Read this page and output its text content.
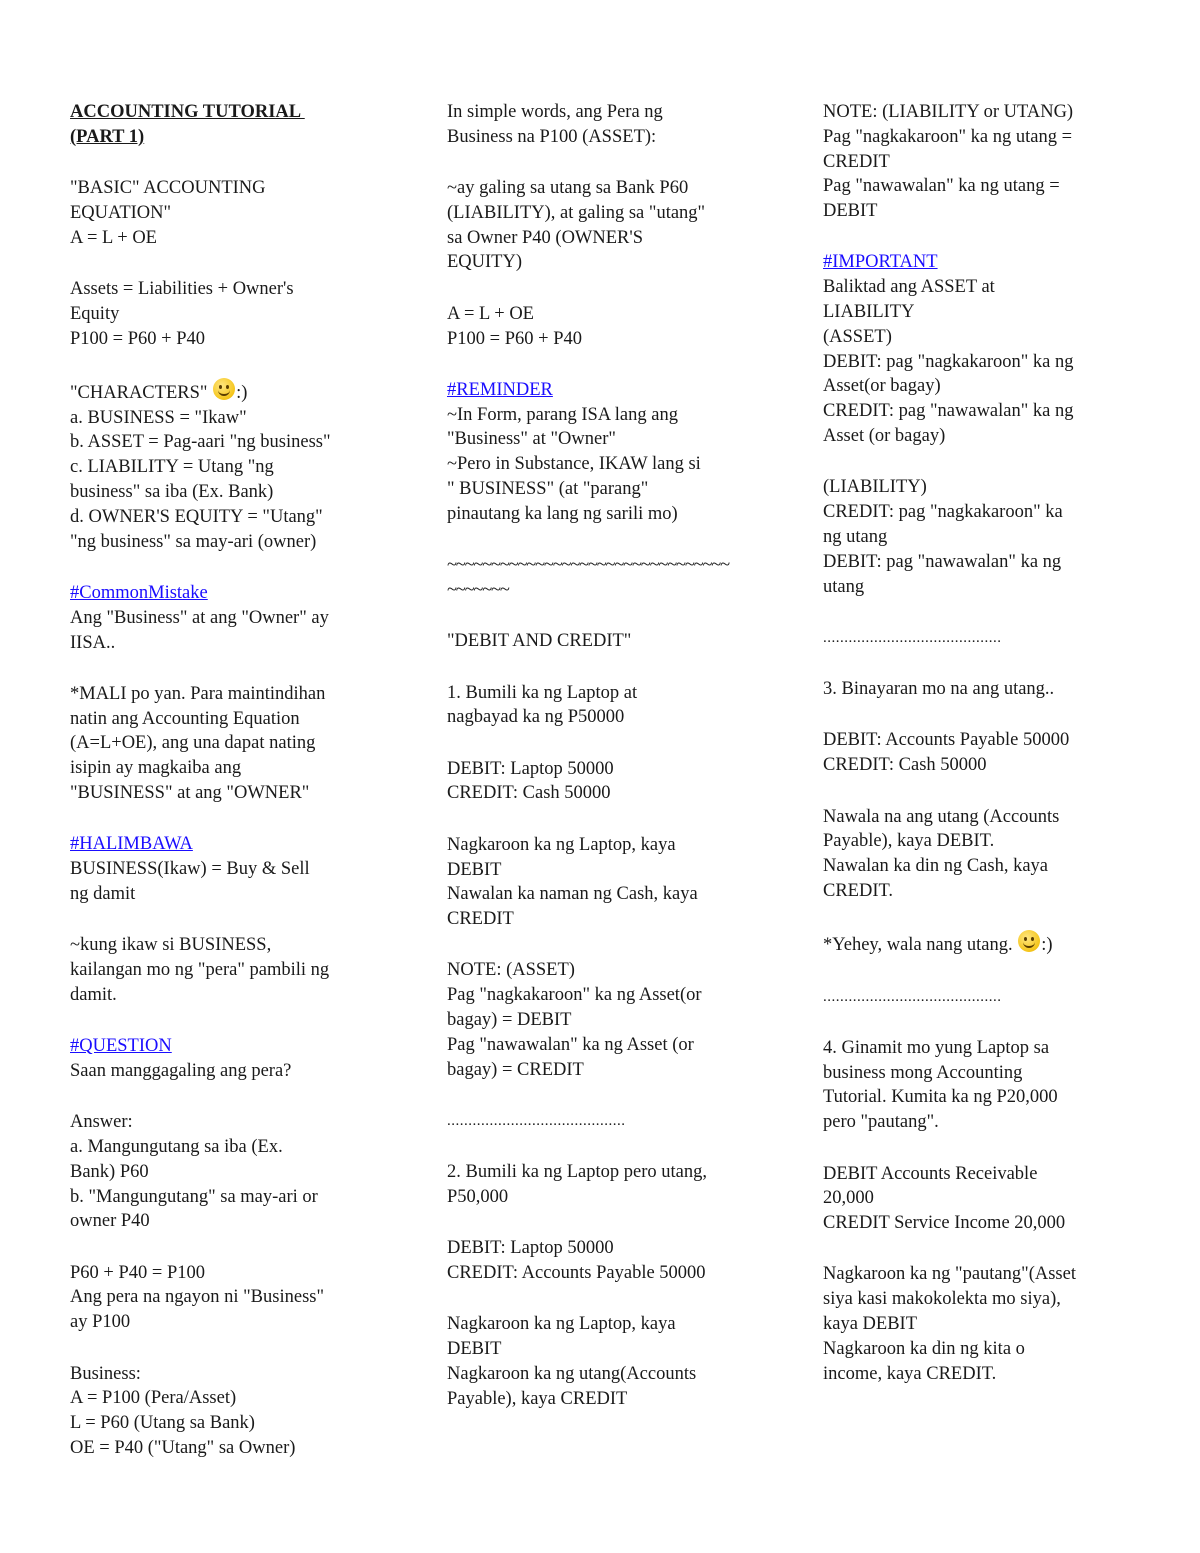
ACCOUNTING TUTORIAL
(PART 1)
"BASIC" ACCOUNTING
EQUATION"
A = L + OE
Assets = Liabilities + Owner's
Equity
P100 = P60 + P40
"CHARACTERS" :)
a. BUSINESS = "Ikaw"
b. ASSET = Pag-aari "ng business"
c. LIABILITY = Utang "ng
business" sa iba (Ex. Bank)
d. OWNER'S EQUITY = "Utang"
"ng business" sa may-ari (owner)
#CommonMistake
Ang "Business" at ang "Owner" ay
IISA..
*MALI po yan. Para maintindihan
natin ang Accounting Equation
(A=L+OE), ang una dapat nating
isipin ay magkaiba ang
"BUSINESS" at ang "OWNER"
#HALIMBAWA
BUSINESS(Ikaw) = Buy & Sell
ng damit
~kung ikaw si BUSINESS,
kailangan mo ng "pera" pambili ng
damit.
#QUESTION
Saan manggagaling ang pera?
Answer:
a. Mangungutang sa iba (Ex.
Bank) P60
b. "Mangungutang" sa may-ari or
owner P40
P60 + P40 = P100
Ang pera na ngayon ni "Business"
ay P100
Business:
A = P100 (Pera/Asset)
L = P60 (Utang sa Bank)
OE = P40 ("Utang" sa Owner)
In simple words, ang Pera ng
Business na P100 (ASSET):
~ay galing sa utang sa Bank P60
(LIABILITY), at galing sa "utang"
sa Owner P40 (OWNER'S
EQUITY)
A = L + OE
P100 = P60 + P40
#REMINDER
~In Form, parang ISA lang ang
"Business" at "Owner"
~Pero in Substance, IKAW lang si
" BUSINESS" (at "parang"
pinautang ka lang ng sarili mo)
~~~~~~~~~~~~~~~~~~~~~~~~~~~~~~~~
~~~~~~~
"DEBIT AND CREDIT"
1. Bumili ka ng Laptop at
nagbayad ka ng P50000
DEBIT: Laptop 50000
CREDIT: Cash 50000
Nagkaroon ka ng Laptop, kaya
DEBIT
Nawalan ka naman ng Cash, kaya
CREDIT
NOTE: (ASSET)
Pag "nagkakaroon" ka ng Asset(or
bagay) = DEBIT
Pag "nawawalan" ka ng Asset (or
bagay) = CREDIT
..........................................
2. Bumili ka ng Laptop pero utang,
P50,000
DEBIT: Laptop 50000
CREDIT: Accounts Payable 50000
Nagkaroon ka ng Laptop, kaya
DEBIT
Nagkaroon ka ng utang(Accounts
Payable), kaya CREDIT
NOTE: (LIABILITY or UTANG)
Pag "nagkakaroon" ka ng utang =
CREDIT
Pag "nawawalan" ka ng utang =
DEBIT
#IMPORTANT
Baliktad ang ASSET at
LIABILITY
(ASSET)
DEBIT: pag "nagkakaroon" ka ng
Asset(or bagay)
CREDIT: pag "nawawalan" ka ng
Asset (or bagay)
(LIABILITY)
CREDIT: pag "nagkakaroon" ka
ng utang
DEBIT: pag "nawawalan" ka ng
utang
..........................................
3. Binayaran mo na ang utang..
DEBIT: Accounts Payable 50000
CREDIT: Cash 50000
Nawala na ang utang (Accounts
Payable), kaya DEBIT.
Nawalan ka din ng Cash, kaya
CREDIT.
*Yehey, wala nang utang. :)
..........................................
4. Ginamit mo yung Laptop sa
business mong Accounting
Tutorial. Kumita ka ng P20,000
pero "pautang".
DEBIT Accounts Receivable
20,000
CREDIT Service Income 20,000
Nagkaroon ka ng "pautang"(Asset
siya kasi makokolekta mo siya),
kaya DEBIT
Nagkaroon ka din ng kita o
income, kaya CREDIT.
